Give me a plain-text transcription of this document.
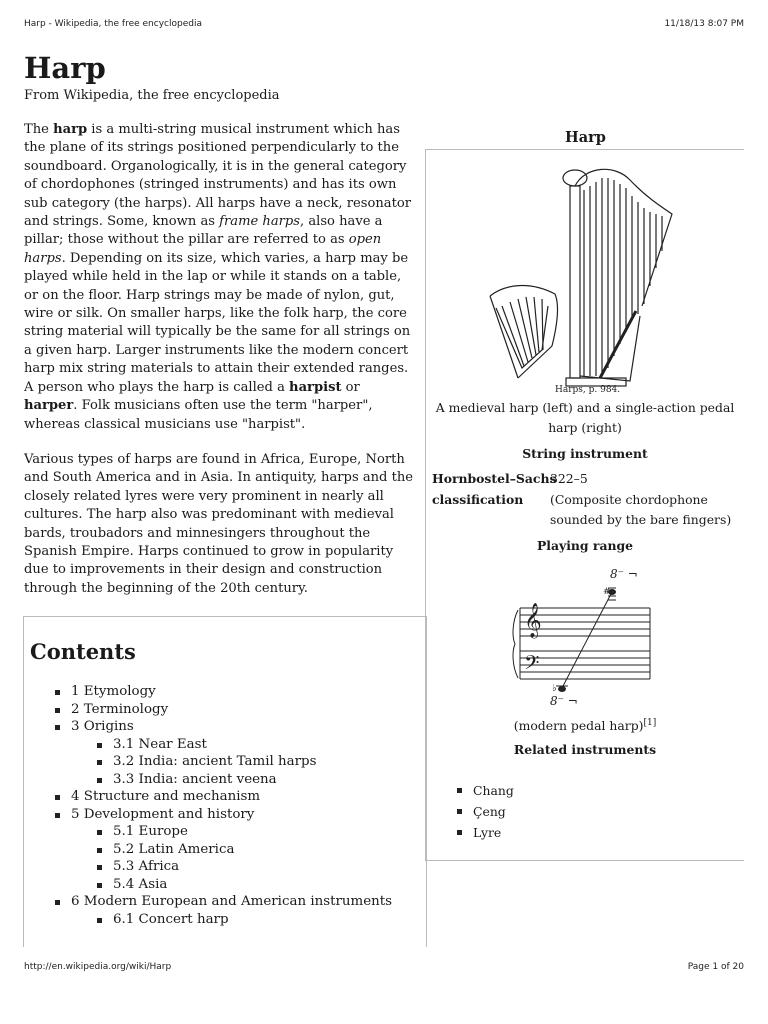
Harp - Wikipedia, the free encyclopedia	11/18/13 8:07 PM
Harp
From Wikipedia, the free encyclopedia

The harp is a multi-string musical instrument which has the plane of its strings positioned perpendicularly to the soundboard. Organologically, it is in the general category of chordophones (stringed instruments) and has its own sub category (the harps). All harps have a neck, resonator and strings. Some, known as frame harps, also have a pillar; those without the pillar are referred to as open harps. Depending on its size, which varies, a harp may be played while held in the lap or while it stands on a table, or on the floor. Harp strings may be made of nylon, gut, wire or silk. On smaller harps, like the folk harp, the core string material will typically be the same for all strings on a given harp. Larger instruments like the modern concert harp mix string materials to attain their extended ranges. A person who plays the harp is called a harpist or harper. Folk musicians often use the term "harper", whereas classical musicians use "harpist".

Various types of harps are found in Africa, Europe, North and South America and in Asia. In antiquity, harps and the closely related lyres were very prominent in nearly all cultures. The harp also was predominant with medieval bards, troubadors and minnesingers throughout the Spanish Empire. Harps continued to grow in popularity due to improvements in their design and construction through the beginning of the 20th century.

Contents
1 Etymology
2 Terminology
3 Origins
3.1 Near East
3.2 India: ancient Tamil harps
3.3 India: ancient veena
4 Structure and mechanism
5 Development and history
5.1 Europe
5.2 Latin America
5.3 Africa
5.4 Asia
6 Modern European and American instruments
6.1 Concert harp
Harp
Harps, p. 984.
A medieval harp (left) and a single-action pedal harp (right)
String instrument
Hornbostel–Sachs
classification
322–5
(Composite chordophone
sounded by the bare fingers)
Playing range
𝄞
𝄢
#
♭
8⁻ ¬
8⁻ ¬
(modern pedal harp)[1]
Related instruments
Chang
Çeng
Lyre
http://en.wikipedia.org/wiki/Harp	Page 1 of 20
